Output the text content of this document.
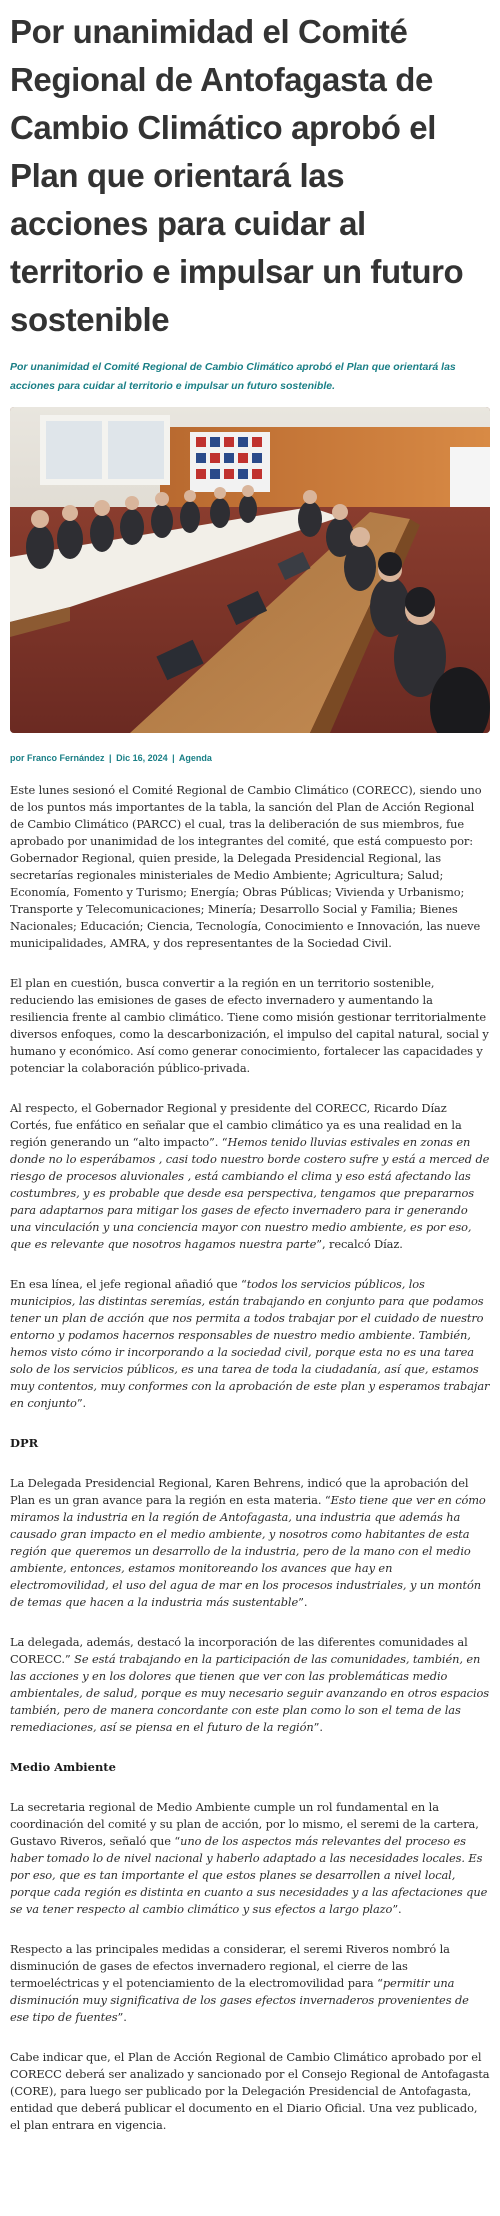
Por unanimidad el Comité Regional de Antofagasta de Cambio Climático aprobó el Plan que orientará las acciones para cuidar al territorio e impulsar un futuro sostenible

Por unanimidad el Comité Regional de Cambio Climático aprobó el Plan que orientará las acciones para cuidar al territorio e impulsar un futuro sostenible.

por Franco Fernández | Dic 16, 2024 | Agenda

Este lunes sesionó el Comité Regional de Cambio Climático (CORECC), siendo uno de los puntos más importantes de la tabla, la sanción del Plan de Acción Regional de Cambio Climático (PARCC) el cual, tras la deliberación de sus miembros, fue aprobado por unanimidad de los integrantes del comité, que está compuesto por: Gobernador Regional, quien preside, la Delegada Presidencial Regional, las secretarías regionales ministeriales de Medio Ambiente; Agricultura; Salud; Economía, Fomento y Turismo; Energía; Obras Públicas; Vivienda y Urbanismo; Transporte y Telecomunicaciones; Minería; Desarrollo Social y Familia; Bienes Nacionales; Educación; Ciencia, Tecnología, Conocimiento e Innovación, las nueve municipalidades, AMRA, y dos representantes de la Sociedad Civil.

El plan en cuestión, busca convertir a la región en un territorio sostenible, reduciendo las emisiones de gases de efecto invernadero y aumentando la resiliencia frente al cambio climático. Tiene como misión gestionar territorialmente diversos enfoques, como la descarbonización, el impulso del capital natural, social y humano y económico. Así como generar conocimiento, fortalecer las capacidades y potenciar la colaboración público-privada.

Al respecto, el Gobernador Regional y presidente del CORECC, Ricardo Díaz Cortés, fue enfático en señalar que el cambio climático ya es una realidad en la región generando un “alto impacto”. “Hemos tenido lluvias estivales en zonas en donde no lo esperábamos , casi todo nuestro borde costero sufre y está a merced de riesgo de procesos aluvionales , está cambiando el clima y eso está afectando las costumbres, y es probable que desde esa perspectiva, tengamos que prepararnos para adaptarnos para mitigar los gases de efecto invernadero para ir generando una vinculación y una conciencia mayor con nuestro medio ambiente, es por eso, que es relevante que nosotros hagamos nuestra parte”, recalcó Díaz.

En esa línea, el jefe regional añadió que “todos los servicios públicos, los municipios, las distintas seremías, están trabajando en conjunto para que podamos tener un plan de acción que nos permita a todos trabajar por el cuidado de nuestro entorno y podamos hacernos responsables de nuestro medio ambiente. También, hemos visto cómo ir incorporando a la sociedad civil, porque esta no es una tarea solo de los servicios públicos, es una tarea de toda la ciudadanía, así que, estamos muy contentos, muy conformes con la aprobación de este plan y esperamos trabajar en conjunto”.

DPR

La Delegada Presidencial Regional, Karen Behrens, indicó que la aprobación del Plan es un gran avance para la región en esta materia. “Esto tiene que ver en cómo miramos la industria en la región de Antofagasta, una industria que además ha causado gran impacto en el medio ambiente, y nosotros como habitantes de esta región que queremos un desarrollo de la industria, pero de la mano con el medio ambiente, entonces, estamos monitoreando los avances que hay en electromovilidad, el uso del agua de mar en los procesos industriales, y un montón de temas que hacen a la industria más sustentable”.

La delegada, además, destacó la incorporación de las diferentes comunidades al CORECC.” Se está trabajando en la participación de las comunidades, también, en las acciones y en los dolores que tienen que ver con las problemáticas medio ambientales, de salud, porque es muy necesario seguir avanzando en otros espacios también, pero de manera concordante con este plan como lo son el tema de las remediaciones, así se piensa en el futuro de la región”.

Medio Ambiente

La secretaria regional de Medio Ambiente cumple un rol fundamental en la coordinación del comité y su plan de acción, por lo mismo, el seremi de la cartera, Gustavo Riveros, señaló que “uno de los aspectos más relevantes del proceso es haber tomado lo de nivel nacional y haberlo adaptado a las necesidades locales. Es por eso, que es tan importante el que estos planes se desarrollen a nivel local, porque cada región es distinta en cuanto a sus necesidades y a las afectaciones que se va tener respecto al cambio climático y sus efectos a largo plazo”.

Respecto a las principales medidas a considerar, el seremi Riveros nombró la disminución de gases de efectos invernadero regional, el cierre de las termoeléctricas y el potenciamiento de la electromovilidad para “permitir una disminución muy significativa de los gases efectos invernaderos provenientes de ese tipo de fuentes”.

Cabe indicar que, el Plan de Acción Regional de Cambio Climático aprobado por el CORECC deberá ser analizado y sancionado por el Consejo Regional de Antofagasta (CORE), para luego ser publicado por la Delegación Presidencial de Antofagasta, entidad que deberá publicar el documento en el Diario Oficial. Una vez publicado, el plan entrara en vigencia.
